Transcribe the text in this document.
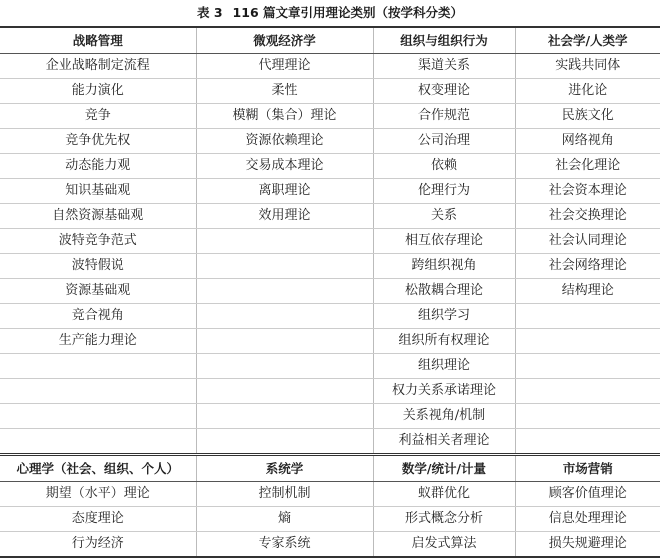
表 3 116 篇文章引用理论类别（按学科分类）
战略管理	微观经济学	组织与组织行为	社会学/人类学
企业战略制定流程	代理理论	渠道关系	实践共同体
能力演化	柔性	权变理论	进化论
竞争	模糊（集合）理论	合作规范	民族文化
竞争优先权	资源依赖理论	公司治理	网络视角
动态能力观	交易成本理论	依赖	社会化理论
知识基础观	离职理论	伦理行为	社会资本理论
自然资源基础观	效用理论	关系	社会交换理论
波特竞争范式		相互依存理论	社会认同理论
波特假说		跨组织视角	社会网络理论
资源基础观		松散耦合理论	结构理论
竞合视角		组织学习	
生产能力理论		组织所有权理论	
		组织理论	
		权力关系承诺理论	
		关系视角/机制	
		利益相关者理论	
心理学（社会、组织、个人）	系统学	数学/统计/计量	市场营销
期望（水平）理论	控制机制	蚁群优化	顾客价值理论
态度理论	熵	形式概念分析	信息处理理论
行为经济	专家系统	启发式算法	损失规避理论
